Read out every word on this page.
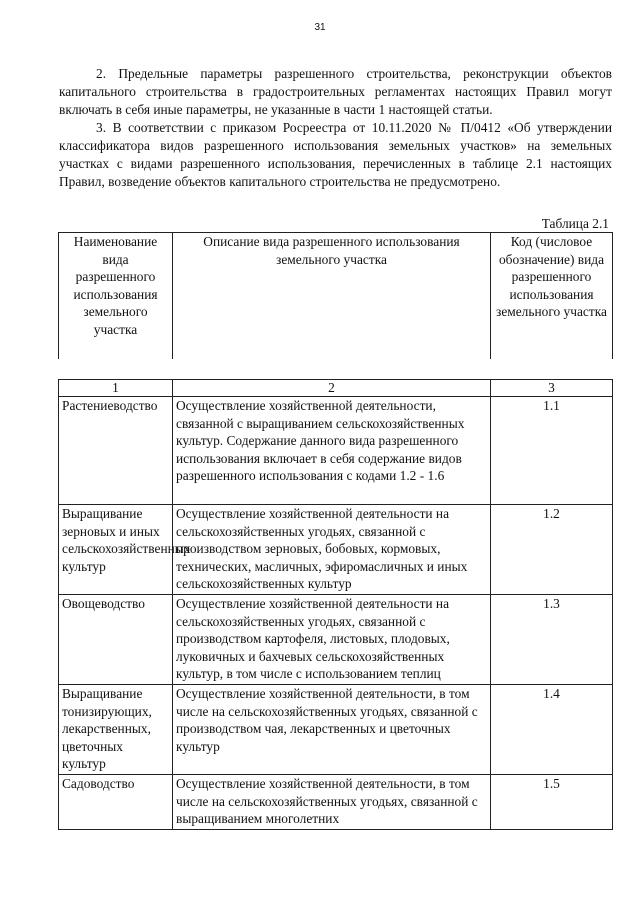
31

2. Предельные параметры разрешенного строительства, реконструкции объектов капитального строительства в градостроительных регламентах настоящих Правил могут включать в себя иные параметры, не указанные в части 1 настоящей статьи.

3. В соответствии с приказом Росреестра от 10.11.2020 № П/0412 «Об утверждении классификатора видов разрешенного использования земельных участков» на земельных участках с видами разрешенного использования, перечисленных в таблице 2.1 настоящих Правил, возведение объектов капитального строительства не предусмотрено.

Таблица 2.1
Наименование вида разрешенного использования земельного участка	Описание вида разрешенного использования земельного участка	Код (числовое обозначение) вида разрешенного использования земельного участка
1	2	3
Растениеводство	Осуществление хозяйственной деятельности, связанной с выращиванием сельскохозяйственных культур. Содержание данного вида разрешенного использования включает в себя содержание видов разрешенного использования с кодами 1.2 - 1.6	1.1
Выращивание зерновых и иных сельскохозяйственных культур	Осуществление хозяйственной деятельности на сельскохозяйственных угодьях, связанной с производством зерновых, бобовых, кормовых, технических, масличных, эфиромасличных и иных сельскохозяйственных культур	1.2
Овощеводство	Осуществление хозяйственной деятельности на сельскохозяйственных угодьях, связанной с производством картофеля, листовых, плодовых, луковичных и бахчевых сельскохозяйственных культур, в том числе с использованием теплиц	1.3
Выращивание тонизирующих, лекарственных, цветочных культур	Осуществление хозяйственной деятельности, в том числе на сельскохозяйственных угодьях, связанной с производством чая, лекарственных и цветочных культур	1.4
Садоводство	Осуществление хозяйственной деятельности, в том числе на сельскохозяйственных угодьях, связанной с выращиванием многолетних	1.5
